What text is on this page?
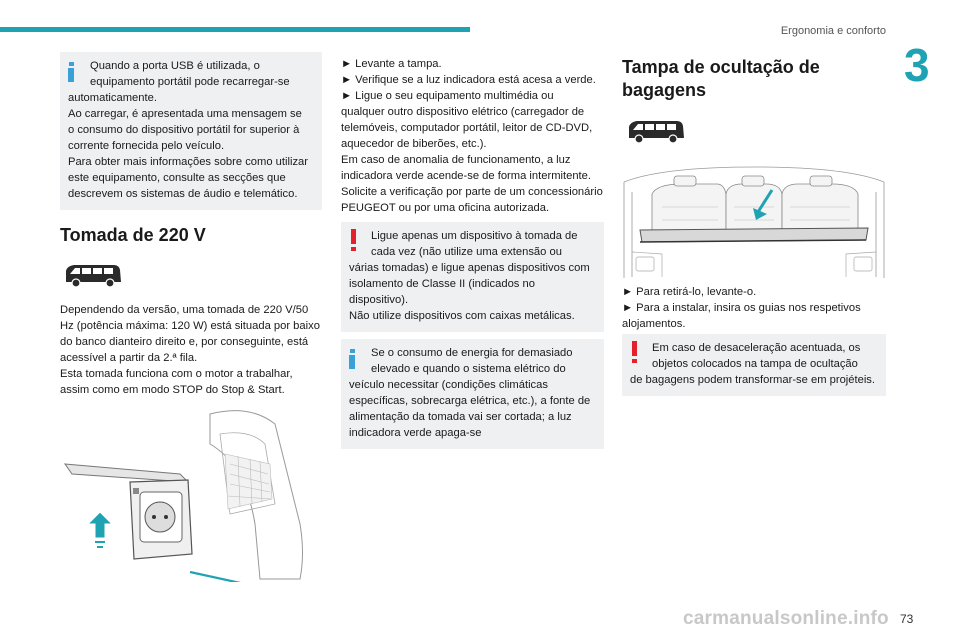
Ergonomia e conforto
3
Quando a porta USB é utilizada, o
equipamento portátil pode recarregar-se
automaticamente.
Ao carregar, é apresentada uma mensagem se
o consumo do dispositivo portátil for superior à
corrente fornecida pelo veículo.
Para obter mais informações sobre como utilizar
este equipamento, consulte as secções que
descrevem os sistemas de áudio e telemático.
Tomada de 220 V
Dependendo da versão, uma tomada de 220 V/50
Hz (potência máxima: 120 W) está situada por baixo
do banco dianteiro direito e, por conseguinte, está
acessível a partir da 2.ª fila.
Esta tomada funciona com o motor a trabalhar,
assim como em modo STOP do Stop & Start.
► Levante a tampa.
► Verifique se a luz indicadora está acesa a verde.
► Ligue o seu equipamento multimédia ou
qualquer outro dispositivo elétrico (carregador de
telemóveis, computador portátil, leitor de CD-DVD,
aquecedor de biberões, etc.).
Em caso de anomalia de funcionamento, a luz
indicadora verde acende-se de forma intermitente.
Solicite a verificação por parte de um concessionário
PEUGEOT ou por uma oficina autorizada.
Ligue apenas um dispositivo à tomada de
cada vez (não utilize uma extensão ou
várias tomadas) e ligue apenas dispositivos com
isolamento de Classe II (indicados no
dispositivo).
Não utilize dispositivos com caixas metálicas.
Se o consumo de energia for demasiado
elevado e quando o sistema elétrico do
veículo necessitar (condições climáticas
específicas, sobrecarga elétrica, etc.), a fonte de
alimentação da tomada vai ser cortada; a luz
indicadora verde apaga-se
Tampa de ocultação de
bagagens
► Para retirá-lo, levante-o.
► Para a instalar, insira os guias nos respetivos
alojamentos.
Em caso de desaceleração acentuada, os
objetos colocados na tampa de ocultação
de bagagens podem transformar-se em projéteis.
carmanualsonline.info 73
